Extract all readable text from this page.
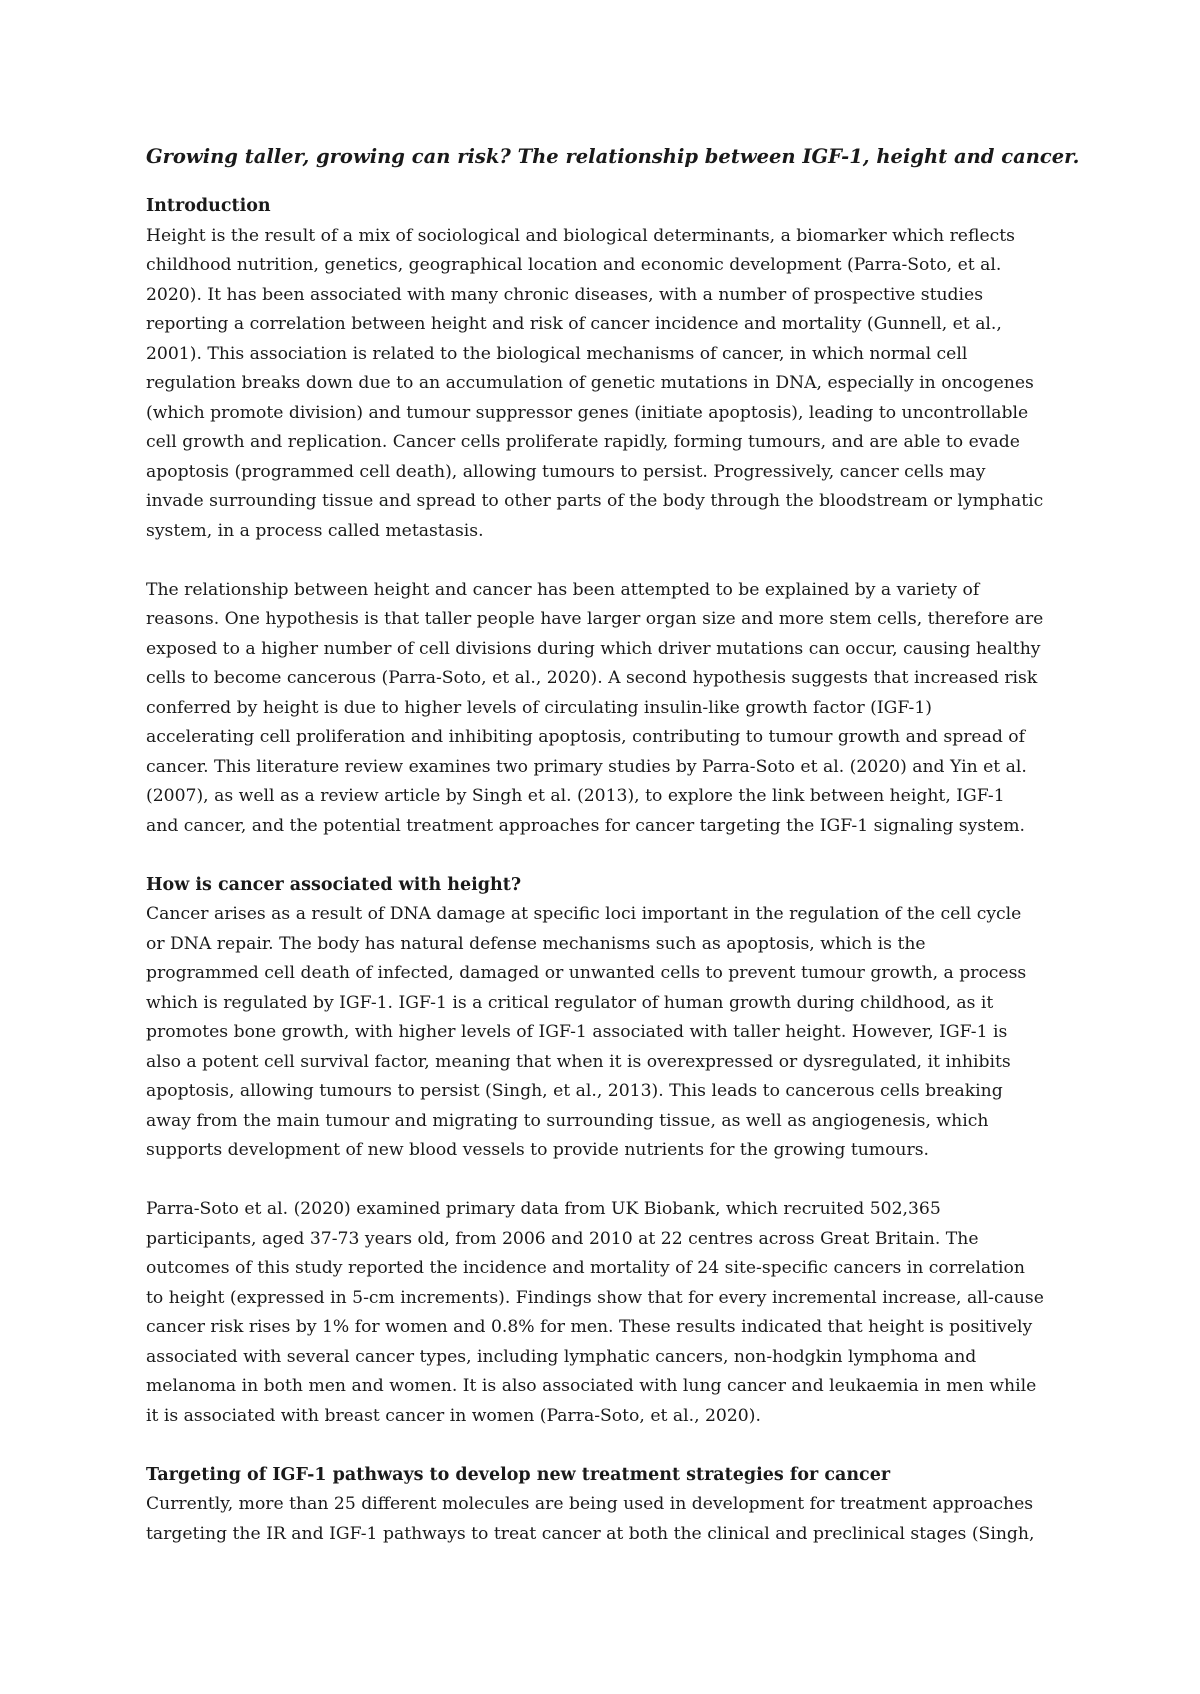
Growing taller, growing can risk? The relationship between IGF-1, height and cancer.

Introduction

Height is the result of a mix of sociological and biological determinants, a biomarker which reflects

childhood nutrition, genetics, geographical location and economic development (Parra-Soto, et al.

2020). It has been associated with many chronic diseases, with a number of prospective studies

reporting a correlation between height and risk of cancer incidence and mortality (Gunnell, et al.,

2001). This association is related to the biological mechanisms of cancer, in which normal cell

regulation breaks down due to an accumulation of genetic mutations in DNA, especially in oncogenes

(which promote division) and tumour suppressor genes (initiate apoptosis), leading to uncontrollable

cell growth and replication. Cancer cells proliferate rapidly, forming tumours, and are able to evade

apoptosis (programmed cell death), allowing tumours to persist. Progressively, cancer cells may

invade surrounding tissue and spread to other parts of the body through the bloodstream or lymphatic

system, in a process called metastasis.

The relationship between height and cancer has been attempted to be explained by a variety of

reasons. One hypothesis is that taller people have larger organ size and more stem cells, therefore are

exposed to a higher number of cell divisions during which driver mutations can occur, causing healthy

cells to become cancerous (Parra-Soto, et al., 2020). A second hypothesis suggests that increased risk

conferred by height is due to higher levels of circulating insulin-like growth factor (IGF-1)

accelerating cell proliferation and inhibiting apoptosis, contributing to tumour growth and spread of

cancer. This literature review examines two primary studies by Parra-Soto et al. (2020) and Yin et al.

(2007), as well as a review article by Singh et al. (2013), to explore the link between height, IGF-1

and cancer, and the potential treatment approaches for cancer targeting the IGF-1 signaling system.

How is cancer associated with height?

Cancer arises as a result of DNA damage at specific loci important in the regulation of the cell cycle

or DNA repair. The body has natural defense mechanisms such as apoptosis, which is the

programmed cell death of infected, damaged or unwanted cells to prevent tumour growth, a process

which is regulated by IGF-1. IGF-1 is a critical regulator of human growth during childhood, as it

promotes bone growth, with higher levels of IGF-1 associated with taller height. However, IGF-1 is

also a potent cell survival factor, meaning that when it is overexpressed or dysregulated, it inhibits

apoptosis, allowing tumours to persist (Singh, et al., 2013). This leads to cancerous cells breaking

away from the main tumour and migrating to surrounding tissue, as well as angiogenesis, which

supports development of new blood vessels to provide nutrients for the growing tumours.

Parra-Soto et al. (2020) examined primary data from UK Biobank, which recruited 502,365

participants, aged 37-73 years old, from 2006 and 2010 at 22 centres across Great Britain. The

outcomes of this study reported the incidence and mortality of 24 site-specific cancers in correlation

to height (expressed in 5-cm increments). Findings show that for every incremental increase, all-cause

cancer risk rises by 1% for women and 0.8% for men. These results indicated that height is positively

associated with several cancer types, including lymphatic cancers, non-hodgkin lymphoma and

melanoma in both men and women. It is also associated with lung cancer and leukaemia in men while

it is associated with breast cancer in women (Parra-Soto, et al., 2020).

Targeting of IGF-1 pathways to develop new treatment strategies for cancer

Currently, more than 25 different molecules are being used in development for treatment approaches

targeting the IR and IGF-1 pathways to treat cancer at both the clinical and preclinical stages (Singh,
